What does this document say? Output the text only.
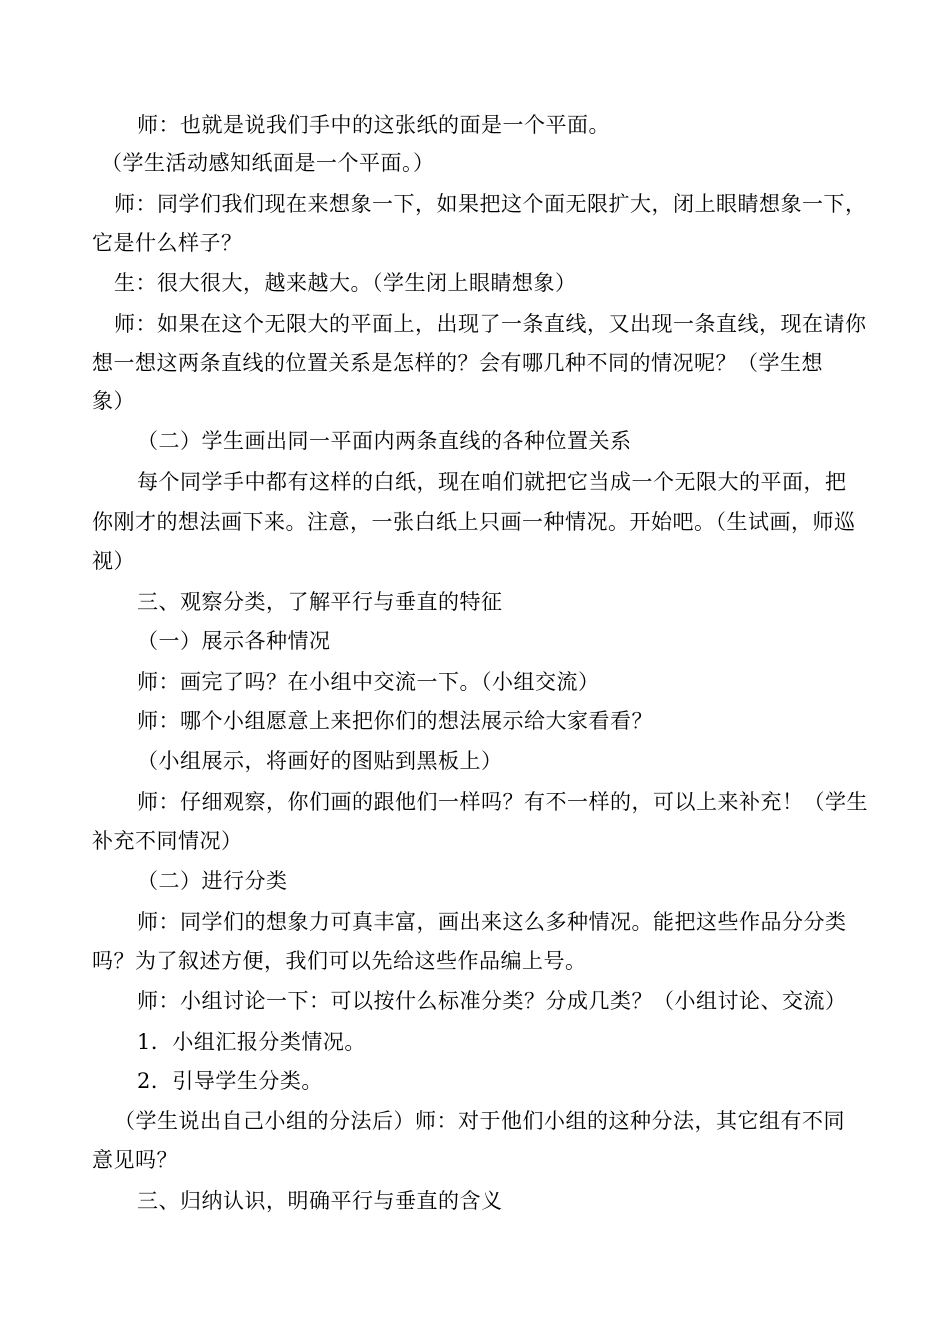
师：也就是说我们手中的这张纸的面是一个平面。
（学生活动感知纸面是一个平面。）
师：同学们我们现在来想象一下，如果把这个面无限扩大，闭上眼睛想象一下，
它是什么样子？
生：很大很大，越来越大。（学生闭上眼睛想象）
师：如果在这个无限大的平面上，出现了一条直线，又出现一条直线，现在请你
想一想这两条直线的位置关系是怎样的？会有哪几种不同的情况呢？（学生想
象）
（二）学生画出同一平面内两条直线的各种位置关系
每个同学手中都有这样的白纸，现在咱们就把它当成一个无限大的平面，把
你刚才的想法画下来。注意，一张白纸上只画一种情况。开始吧。（生试画，师巡
视）
三、观察分类，了解平行与垂直的特征
（一）展示各种情况
师：画完了吗？在小组中交流一下。（小组交流）
师：哪个小组愿意上来把你们的想法展示给大家看看？
（小组展示，将画好的图贴到黑板上）
师：仔细观察，你们画的跟他们一样吗？有不一样的，可以上来补充！（学生
补充不同情况）
（二）进行分类
师：同学们的想象力可真丰富，画出来这么多种情况。能把这些作品分分类
吗？为了叙述方便，我们可以先给这些作品编上号。
师：小组讨论一下：可以按什么标准分类？分成几类？（小组讨论、交流）
1．小组汇报分类情况。
2．引导学生分类。
（学生说出自己小组的分法后）师：对于他们小组的这种分法，其它组有不同
意见吗？
三、归纳认识，明确平行与垂直的含义
